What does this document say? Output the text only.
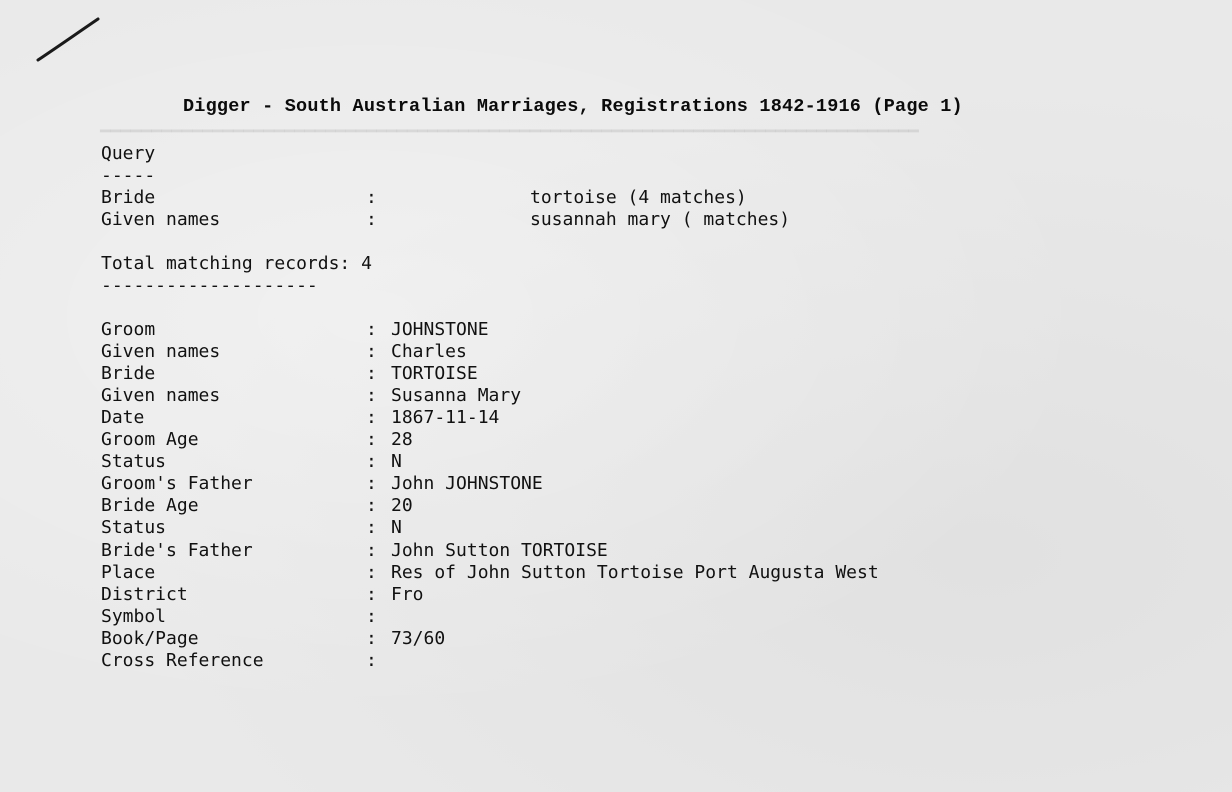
━━━━━━━━━━━━━━━━━━━━━━━━━━━━━━━━━━━━━━━━━━━━━━━━━━━━━━━━━━━━━━━━━━━━━━━━━━━━━━━━
Digger - South Australian Marriages, Registrations 1842-1916 (Page 1)
Query
-----
Bride	:	tortoise (4 matches)
Given names	:	susannah mary ( matches)
Total matching records: 4
--------------------
Groom	: JOHNSTONE
Given names	: Charles
Bride	: TORTOISE
Given names	: Susanna Mary
Date	: 1867-11-14
Groom Age	: 28
Status	: N
Groom's Father	: John JOHNSTONE
Bride Age	: 20
Status	: N
Bride's Father	: John Sutton TORTOISE
Place	: Res of John Sutton Tortoise Port Augusta West
District	: Fro
Symbol	:
Book/Page	: 73/60
Cross Reference	:
